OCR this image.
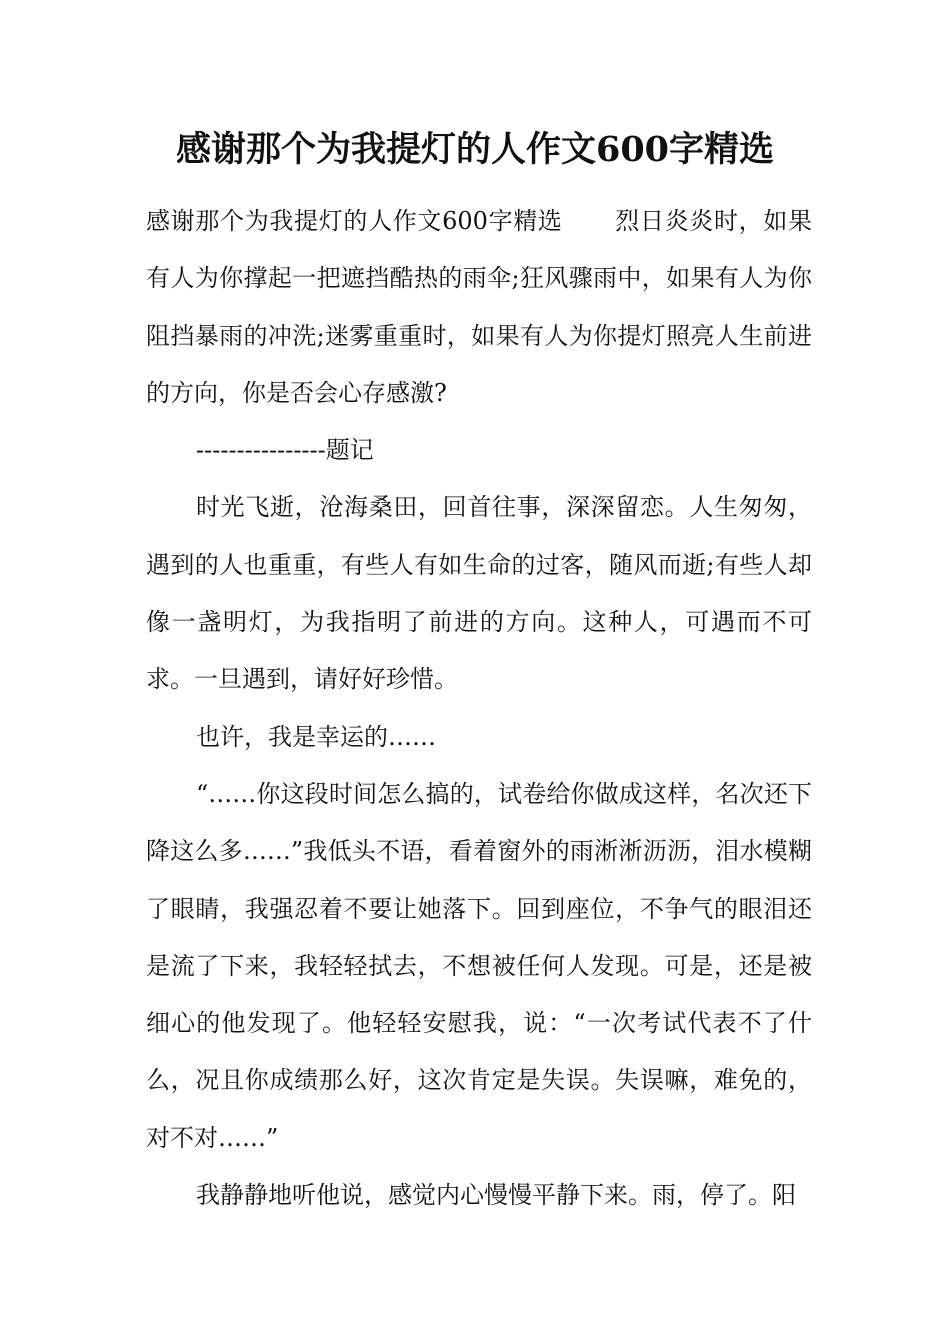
感谢那个为我提灯的人作文600字精选

感谢那个为我提灯的人作文600字精选 烈日炎炎时，如果有人为你撑起一把遮挡酷热的雨伞;狂风骤雨中，如果有人为你阻挡暴雨的冲洗;迷雾重重时，如果有人为你提灯照亮人生前进的方向，你是否会心存感激?

----------------题记

时光飞逝，沧海桑田，回首往事，深深留恋。人生匆匆，遇到的人也重重，有些人有如生命的过客，随风而逝;有些人却像一盏明灯，为我指明了前进的方向。这种人，可遇而不可求。一旦遇到，请好好珍惜。

也许，我是幸运的……

“……你这段时间怎么搞的，试卷给你做成这样，名次还下降这么多……”我低头不语，看着窗外的雨淅淅沥沥，泪水模糊了眼睛，我强忍着不要让她落下。回到座位，不争气的眼泪还是流了下来，我轻轻拭去，不想被任何人发现。可是，还是被细心的他发现了。他轻轻安慰我，说：“一次考试代表不了什么，况且你成绩那么好，这次肯定是失误。失误嘛，难免的，对不对……”

我静静地听他说，感觉内心慢慢平静下来。雨，停了。阳
